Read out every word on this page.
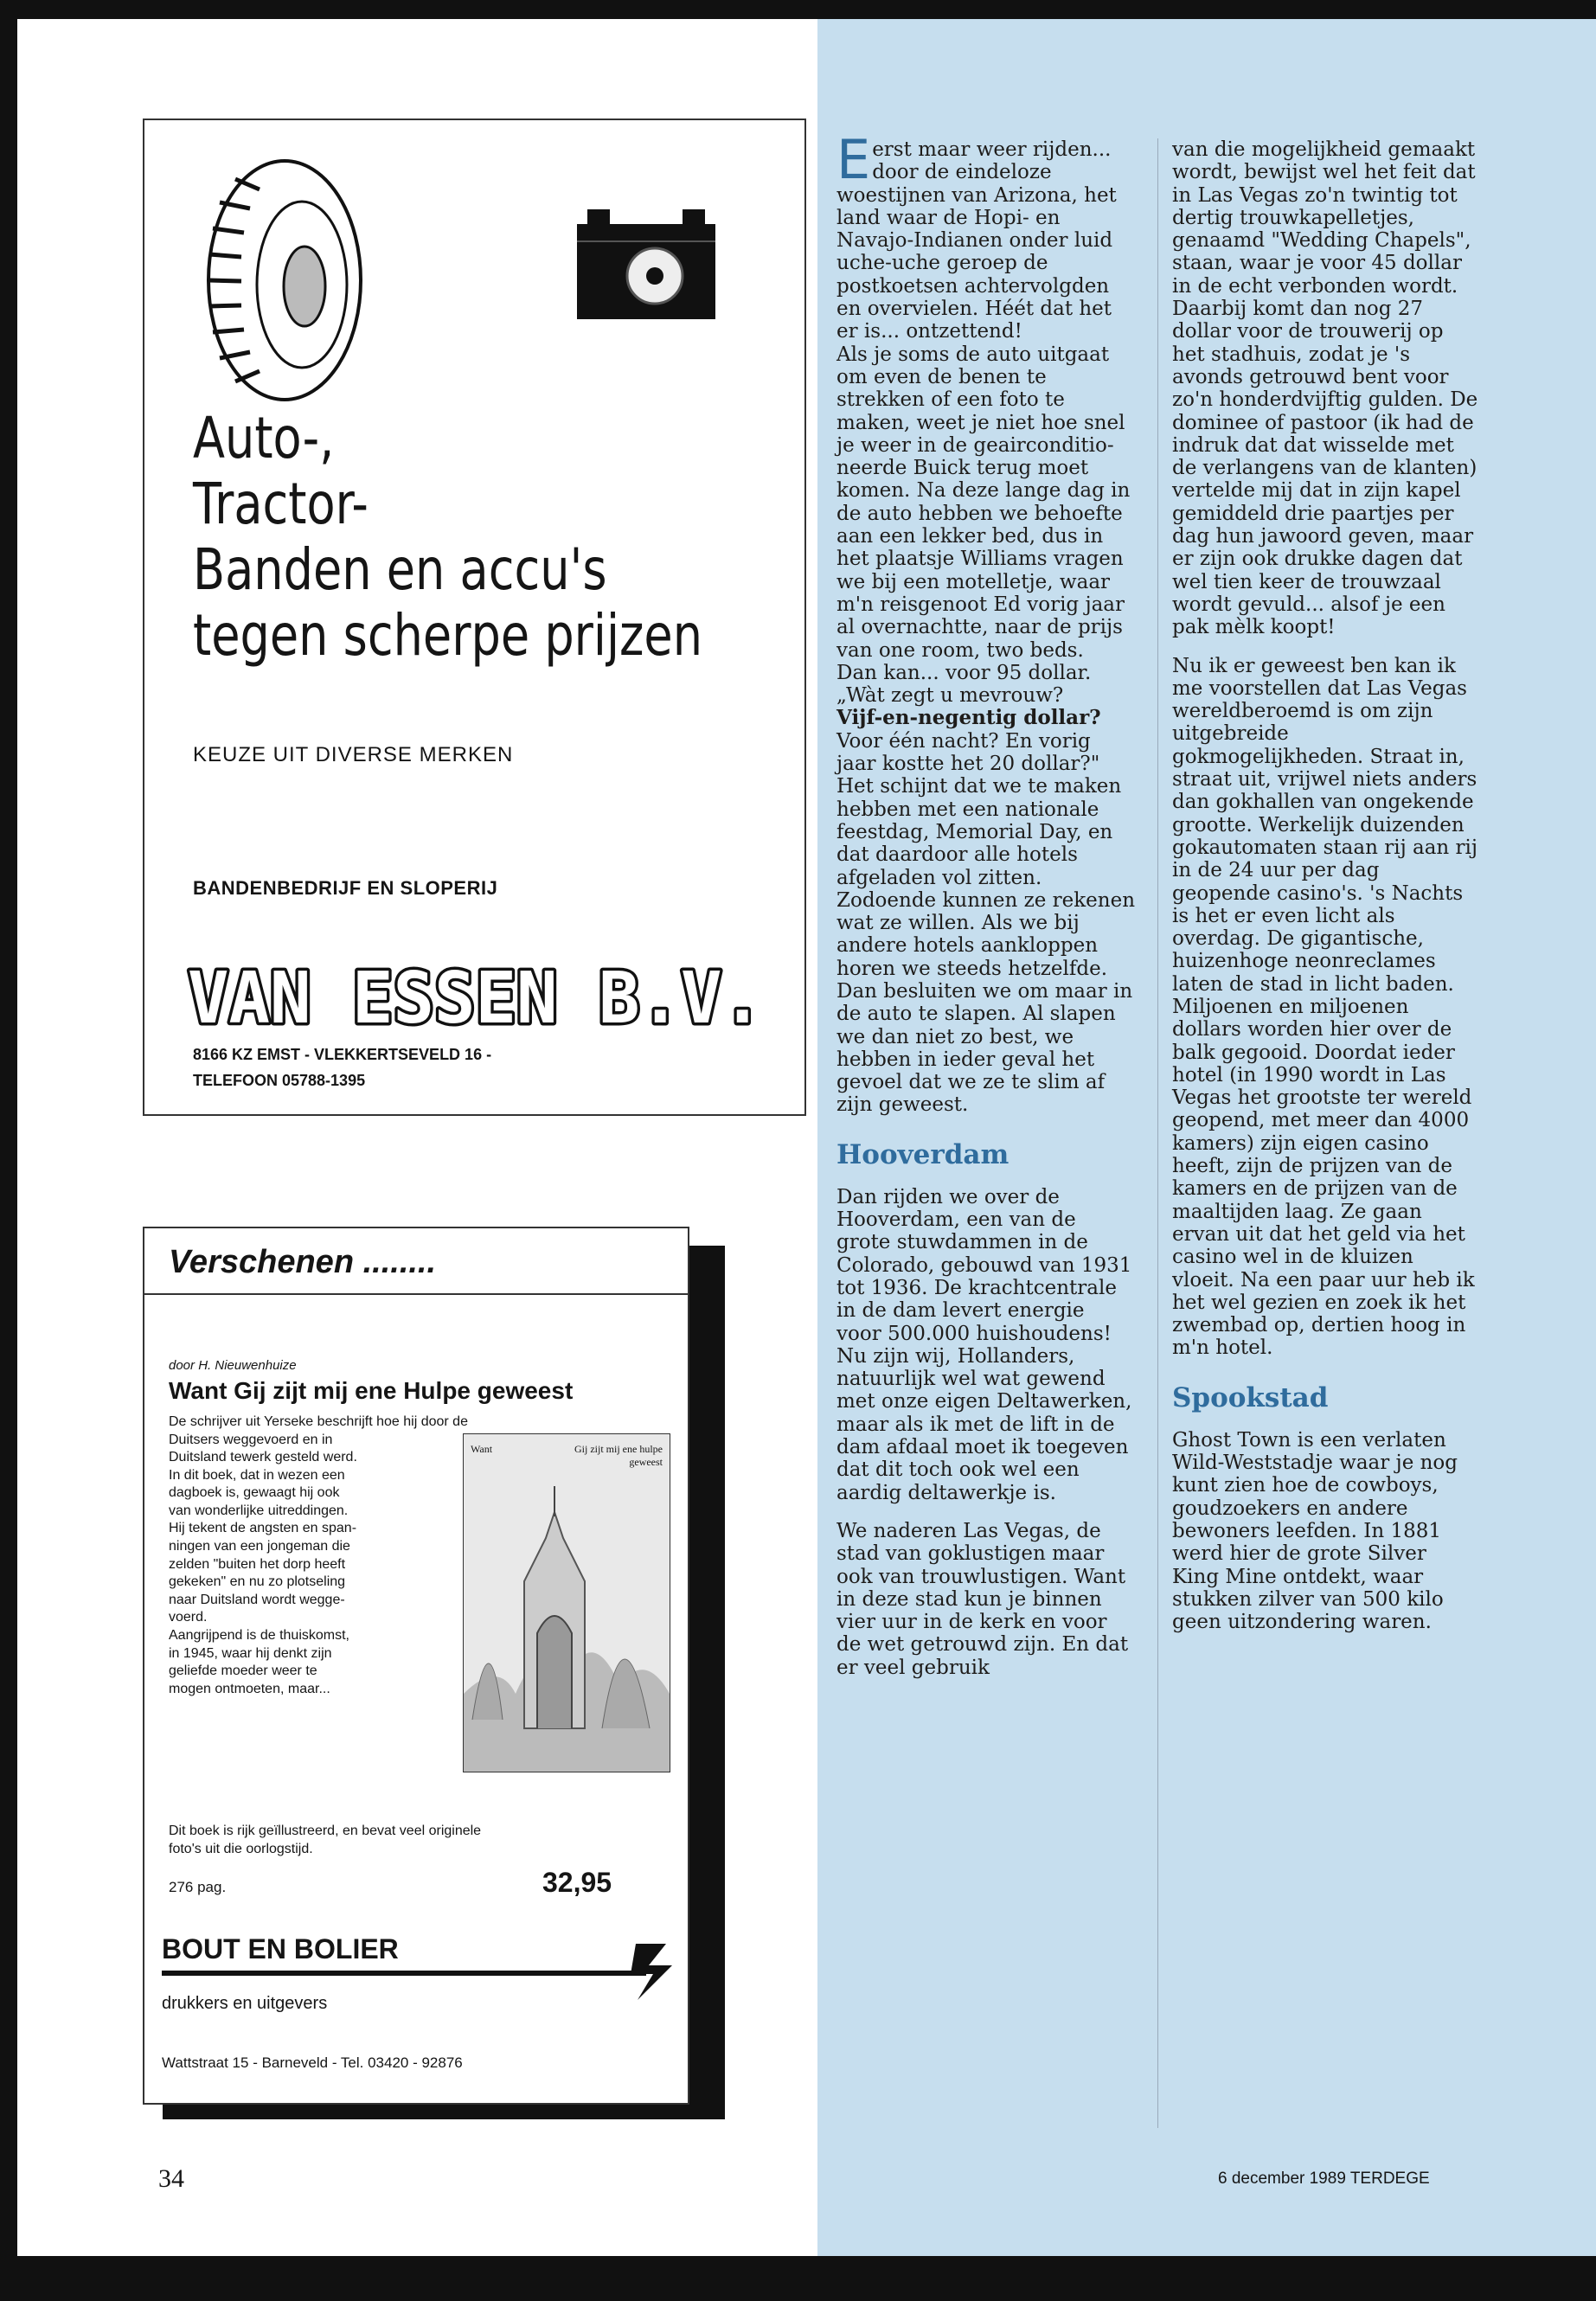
Auto-,
Tractor-
Banden en accu's
tegen scherpe prijzen
KEUZE UIT DIVERSE MERKEN
BANDENBEDRIJF EN SLOPERIJ
VAN ESSEN B.V.
8166 KZ EMST - VLEKKERTSEVELD 16 -
TELEFOON 05788-1395
Verschenen ........
door H. Nieuwenhuize
Want Gij zijt mij ene Hulpe geweest

De schrijver uit Yerseke beschrijft hoe hij door de

Duitsers weggevoerd en in

Duitsland tewerk gesteld werd.

In dit boek, dat in wezen een

dagboek is, gewaagt hij ook

van wonderlijke uitreddingen.

Hij tekent de angsten en span-

ningen van een jongeman die

zelden "buiten het dorp heeft

gekeken" en nu zo plotseling

naar Duitsland wordt wegge-

voerd.

Aangrijpend is de thuiskomst,

in 1945, waar hij denkt zijn

geliefde moeder weer te

mogen ontmoeten, maar...

Want	Gij zijt mij ene hulpe geweest

Dit boek is rijk geïllustreerd, en bevat veel originele

foto's uit die oorlogstijd.

276 pag.	32,95
BOUT EN BOLIER
drukkers en uitgevers
Wattstraat 15 - Barneveld - Tel. 03420 - 92876

Eerst maar weer rijden... door de eindeloze woestijnen van Arizona, het land waar de Hopi- en Navajo-Indianen onder luid uche-uche geroep de postkoetsen achtervolgden en overvielen. Héét dat het er is... ontzettend!

Als je soms de auto uitgaat om even de benen te strekken of een foto te maken, weet je niet hoe snel je weer in de geairconditioneerde Buick terug moet komen. Na deze lange dag in de auto hebben we behoefte aan een lekker bed, dus in het plaatsje Williams vragen we bij een motelletje, waar m'n reisgenoot Ed vorig jaar al overnachtte, naar de prijs van one room, two beds.

Dan kan... voor 95 dollar.

„Wàt zegt u mevrouw?

Vijf-en-negentig dollar?

Voor één nacht? En vorig jaar kostte het 20 dollar?"

Het schijnt dat we te maken hebben met een nationale feestdag, Memorial Day, en dat daardoor alle hotels afgeladen vol zitten. Zodoende kunnen ze rekenen wat ze willen. Als we bij andere hotels aankloppen horen we steeds hetzelfde. Dan besluiten we om maar in de auto te slapen. Al slapen we dan niet zo best, we hebben in ieder geval het gevoel dat we ze te slim af zijn geweest.

Hooverdam

Dan rijden we over de Hooverdam, een van de grote stuwdammen in de Colorado, gebouwd van 1931 tot 1936. De krachtcentrale in de dam levert energie voor 500.000 huishoudens! Nu zijn wij, Hollanders, natuurlijk wel wat gewend met onze eigen Deltawerken, maar als ik met de lift in de dam afdaal moet ik toegeven dat dit toch ook wel een aardig deltawerkje is.

We naderen Las Vegas, de stad van goklustigen maar ook van trouwlustigen. Want in deze stad kun je binnen vier uur in de kerk en voor de wet getrouwd zijn. En dat er veel gebruik

van die mogelijkheid gemaakt wordt, bewijst wel het feit dat in Las Vegas zo'n twintig tot dertig trouwkapelletjes, genaamd "Wedding Chapels", staan, waar je voor 45 dollar in de echt verbonden wordt. Daarbij komt dan nog 27 dollar voor de trouwerij op het stadhuis, zodat je 's avonds getrouwd bent voor zo'n honderdvijftig gulden. De dominee of pastoor (ik had de indruk dat dat wisselde met de verlangens van de klanten) vertelde mij dat in zijn kapel gemiddeld drie paartjes per dag hun jawoord geven, maar er zijn ook drukke dagen dat wel tien keer de trouwzaal wordt gevuld... alsof je een pak mèlk koopt!

Nu ik er geweest ben kan ik me voorstellen dat Las Vegas wereldberoemd is om zijn uitgebreide gokmogelijkheden. Straat in, straat uit, vrijwel niets anders dan gokhallen van ongekende grootte. Werkelijk duizenden gokautomaten staan rij aan rij in de 24 uur per dag geopende casino's. 's Nachts is het er even licht als overdag. De gigantische, huizenhoge neonreclames laten de stad in licht baden. Miljoenen en miljoenen dollars worden hier over de balk gegooid. Doordat ieder hotel (in 1990 wordt in Las Vegas het grootste ter wereld geopend, met meer dan 4000 kamers) zijn eigen casino heeft, zijn de prijzen van de kamers en de prijzen van de maaltijden laag. Ze gaan ervan uit dat het geld via het casino wel in de kluizen vloeit. Na een paar uur heb ik het wel gezien en zoek ik het zwembad op, dertien hoog in m'n hotel.

Spookstad

Ghost Town is een verlaten Wild-Weststadje waar je nog kunt zien hoe de cowboys, goudzoekers en andere bewoners leefden. In 1881 werd hier de grote Silver King Mine ontdekt, waar stukken zilver van 500 kilo geen uitzondering waren.

34	6 december 1989 TERDEGE
